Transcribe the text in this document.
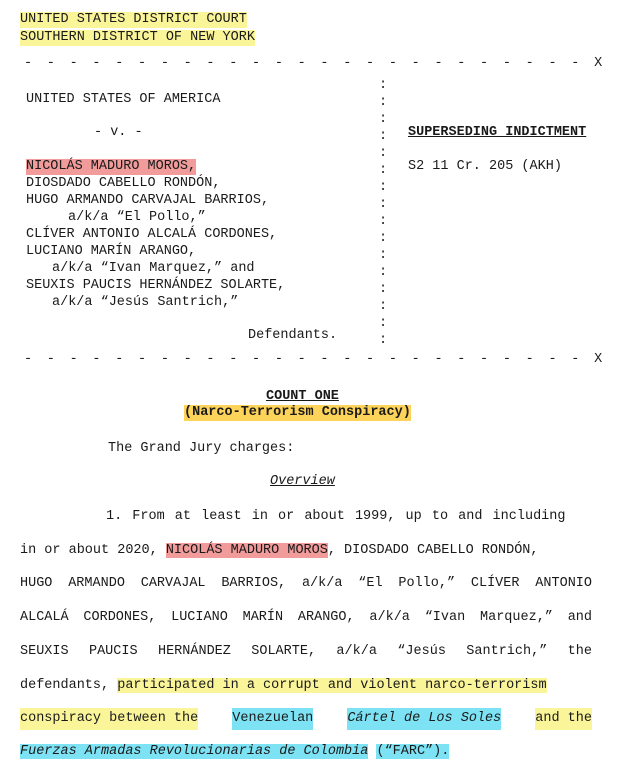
UNITED STATES DISTRICT COURT
SOUTHERN DISTRICT OF NEW YORK
- - - - - - - - - - - - - - - - - - - - - - - - - X
- - - - - - - - - - - - - - - - - - - - - - - - - X
:
:
:
:
:
:
:
:
:
:
:
:
:
:
:
:
UNITED STATES OF AMERICA
- v. -
NICOLÁS MADURO MOROS,
DIOSDADO CABELLO RONDÓN,
HUGO ARMANDO CARVAJAL BARRIOS,
a/k/a “El Pollo,”
CLÍVER ANTONIO ALCALÁ CORDONES,
LUCIANO MARÍN ARANGO,
a/k/a “Ivan Marquez,” and
SEUXIS PAUCIS HERNÁNDEZ SOLARTE,
a/k/a “Jesús Santrich,”
Defendants.
SUPERSEDING INDICTMENT
S2 11 Cr. 205 (AKH)
COUNT ONE
(Narco-Terrorism Conspiracy)
The Grand Jury charges:
Overview
1. From at least in or about 1999, up to and including
in or about 2020, NICOLÁS MADURO MOROS, DIOSDADO CABELLO RONDÓN,
HUGO ARMANDO CARVAJAL BARRIOS, a/k/a “El Pollo,” CLÍVER ANTONIO
ALCALÁ CORDONES, LUCIANO MARÍN ARANGO, a/k/a “Ivan Marquez,” and
SEUXIS PAUCIS HERNÁNDEZ SOLARTE, a/k/a “Jesús Santrich,” the
defendants, participated in a corrupt and violent narco-terrorism
conspiracy between the	Venezuelan	Cártel de Los Soles	and the
Fuerzas Armadas Revolucionarias de Colombia (“FARC”).
